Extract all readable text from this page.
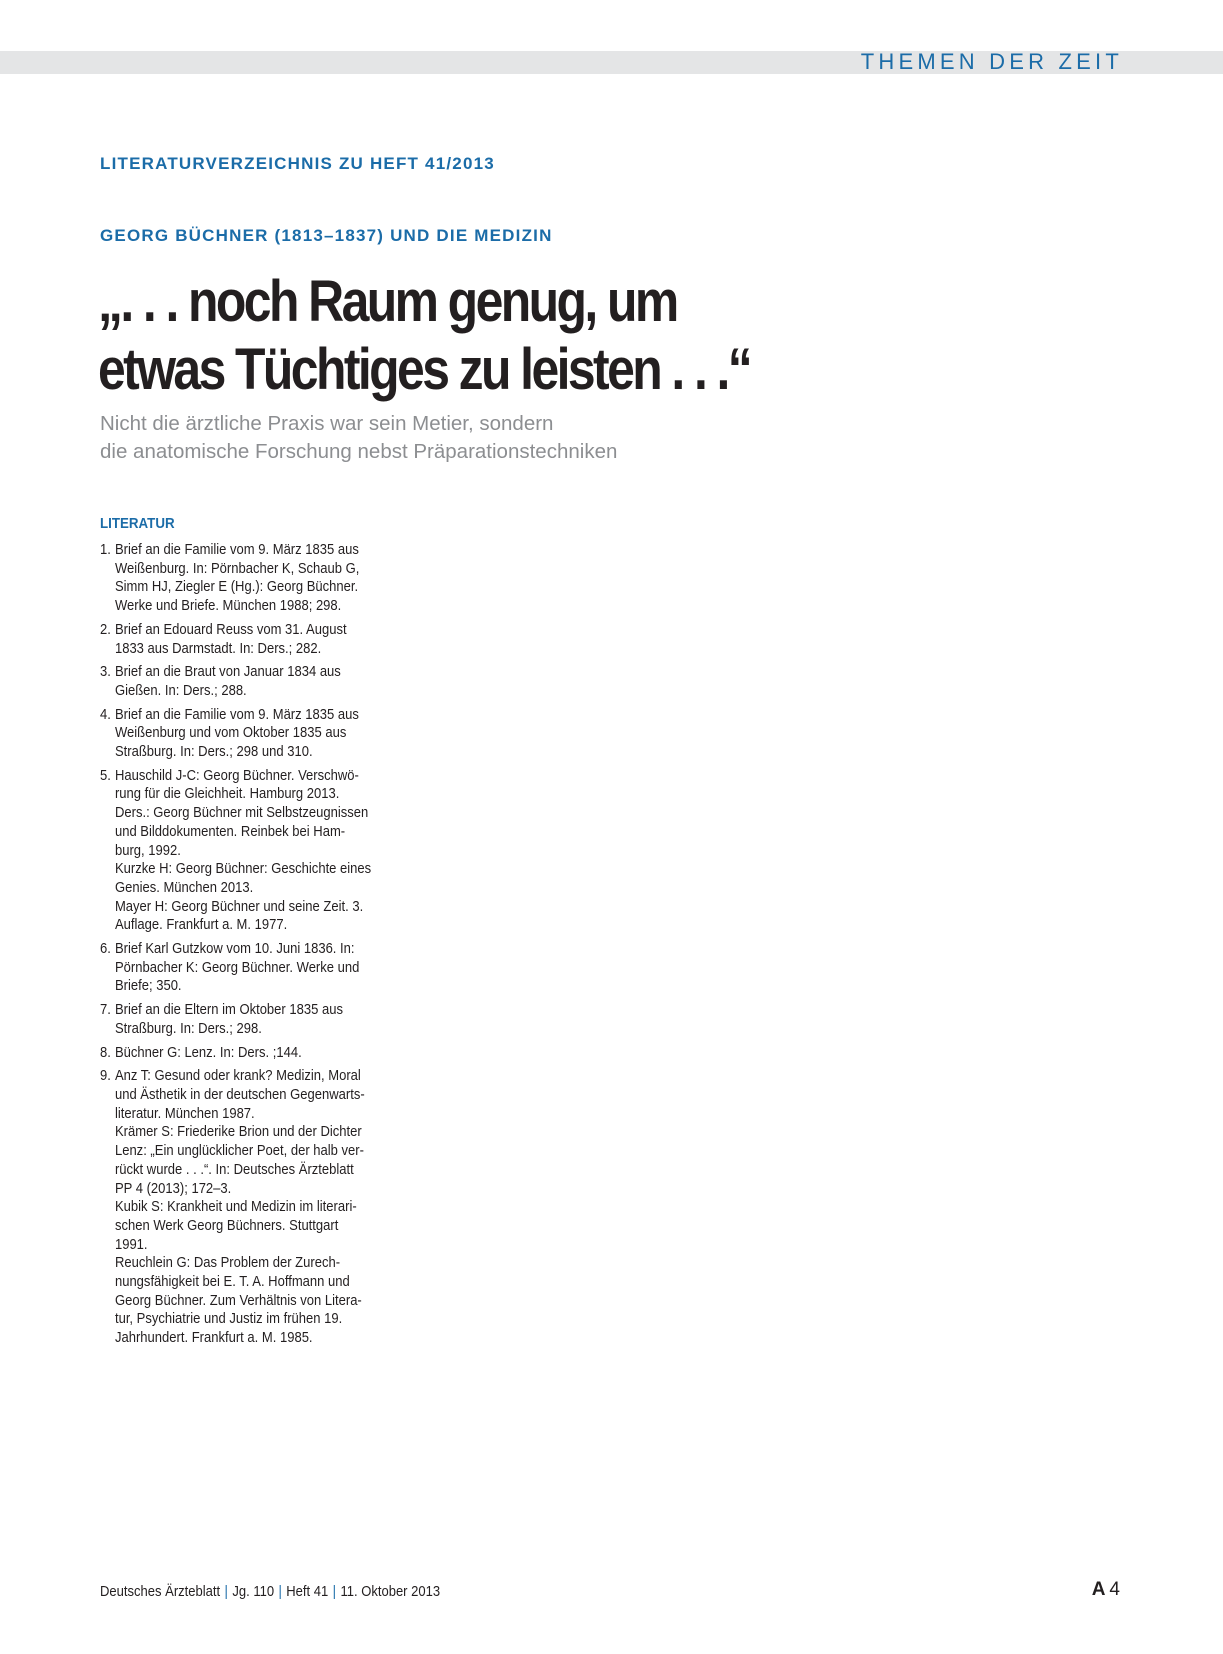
THEMEN DER ZEIT
LITERATURVERZEICHNIS ZU HEFT 41/2013
GEORG BÜCHNER (1813–1837) UND DIE MEDIZIN
„. . . noch Raum genug, um
etwas Tüchtiges zu leisten . . .“
Nicht die ärztliche Praxis war sein Metier, sondern
die anatomische Forschung nebst Präparationstechniken
LITERATUR
1. Brief an die Familie vom 9. März 1835 aus
Weißenburg. In: Pörnbacher K, Schaub G,
Simm HJ, Ziegler E (Hg.): Georg Büchner.
Werke und Briefe. München 1988; 298.
2. Brief an Edouard Reuss vom 31. August
1833 aus Darmstadt. In: Ders.; 282.
3. Brief an die Braut von Januar 1834 aus
Gießen. In: Ders.; 288.
4. Brief an die Familie vom 9. März 1835 aus
Weißenburg und vom Oktober 1835 aus
Straßburg. In: Ders.; 298 und 310.
5. Hauschild J-C: Georg Büchner. Verschwö-
rung für die Gleichheit. Hamburg 2013.
Ders.: Georg Büchner mit Selbstzeugnissen
und Bilddokumenten. Reinbek bei Ham-
burg, 1992.
Kurzke H: Georg Büchner: Geschichte eines
Genies. München 2013.
Mayer H: Georg Büchner und seine Zeit. 3.
Auflage. Frankfurt a. M. 1977.
6. Brief Karl Gutzkow vom 10. Juni 1836. In:
Pörnbacher K: Georg Büchner. Werke und
Briefe; 350.
7. Brief an die Eltern im Oktober 1835 aus
Straßburg. In: Ders.; 298.
8. Büchner G: Lenz. In: Ders. ;144.
9. Anz T: Gesund oder krank? Medizin, Moral
und Ästhetik in der deutschen Gegenwarts-
literatur. München 1987.
Krämer S: Friederike Brion und der Dichter
Lenz: „Ein unglücklicher Poet, der halb ver-
rückt wurde . . .“. In: Deutsches Ärzteblatt
PP 4 (2013); 172–3.
Kubik S: Krankheit und Medizin im literari-
schen Werk Georg Büchners. Stuttgart
1991.
Reuchlein G: Das Problem der Zurech-
nungsfähigkeit bei E. T. A. Hoffmann und
Georg Büchner. Zum Verhältnis von Litera-
tur, Psychiatrie und Justiz im frühen 19.
Jahrhundert. Frankfurt a. M. 1985.
Deutsches Ärzteblatt | Jg. 110 | Heft 41 | 11. Oktober 2013	A 4
